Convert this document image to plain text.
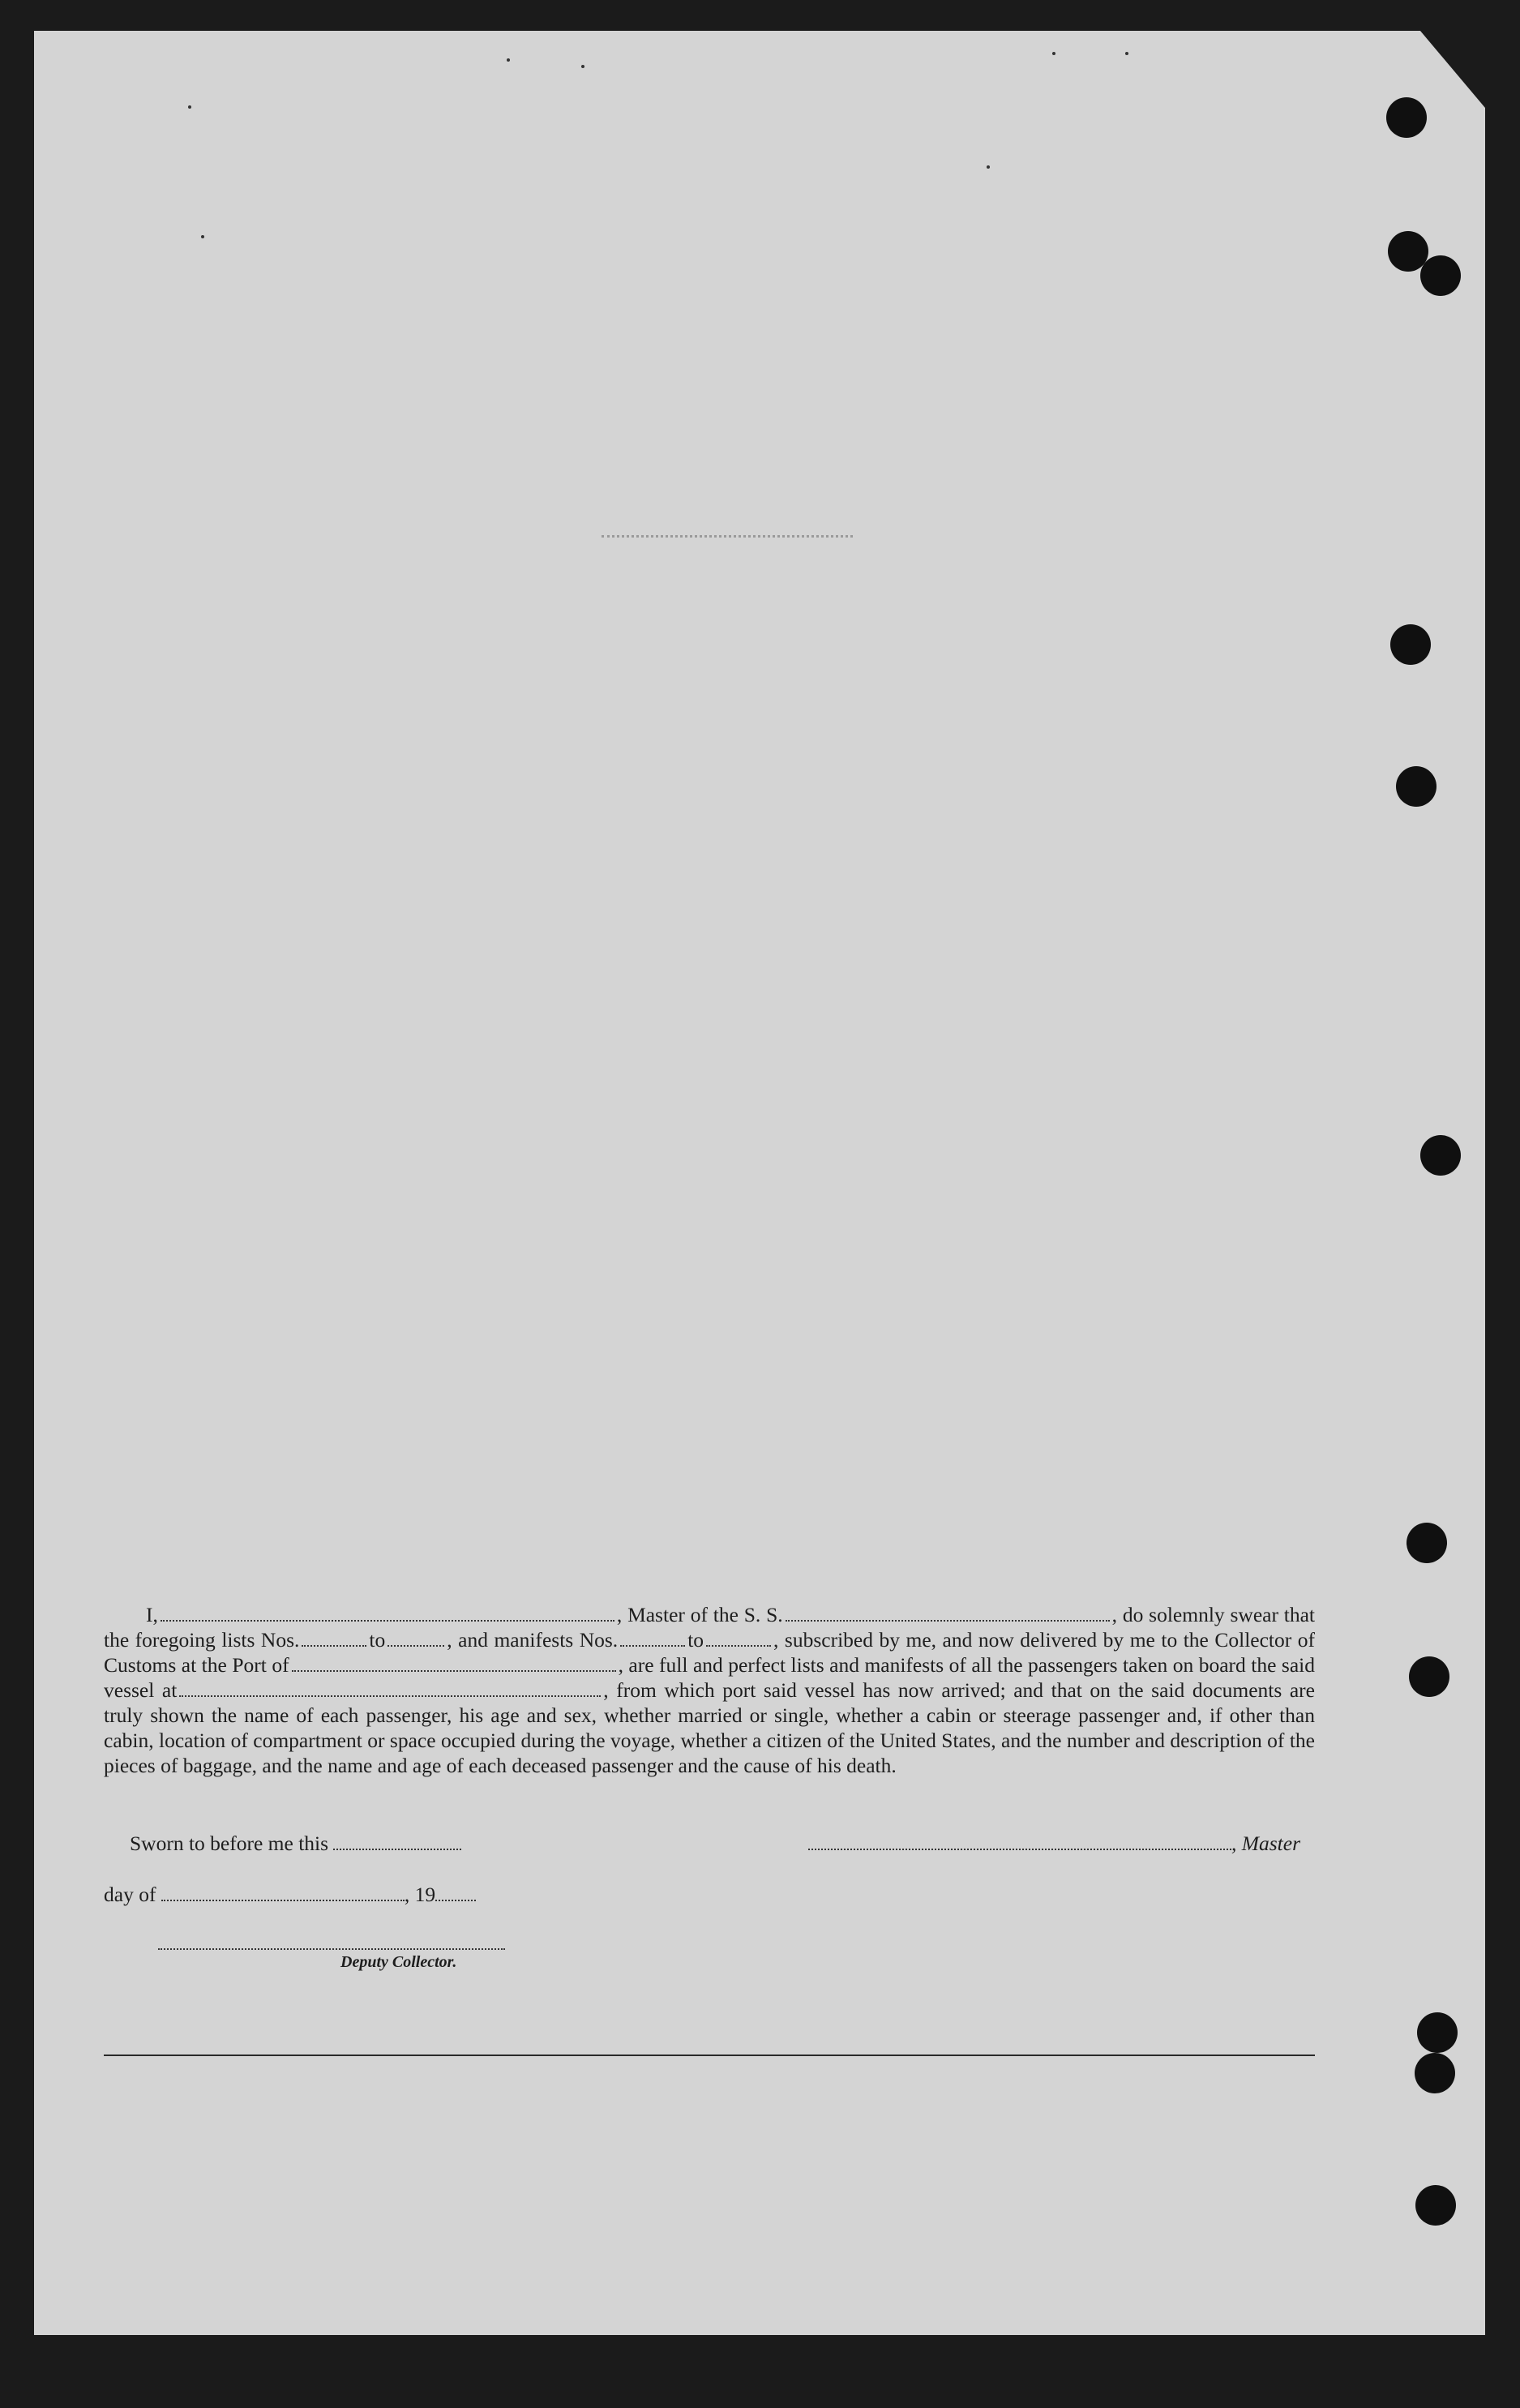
I,	, Master of the S. S.	, do solemnly swear that the foregoing lists Nos.	to	, and manifests Nos.	to	, subscribed by me, and now delivered by me to the Collector of Customs at the Port of	, are full and perfect lists and manifests of all the passengers taken on board the said vessel at	, from which port said vessel has now arrived; and that on the said documents are truly shown the name of each passenger, his age and sex, whether married or single, whether a cabin or steerage passenger and, if other than cabin, location of compartment or space occupied during the voyage, whether a citizen of the United States, and the number and description of the pieces of baggage, and the name and age of each deceased passenger and the cause of his death.

Sworn to before me this	, Master
day of	, 19
Deputy Collector.
